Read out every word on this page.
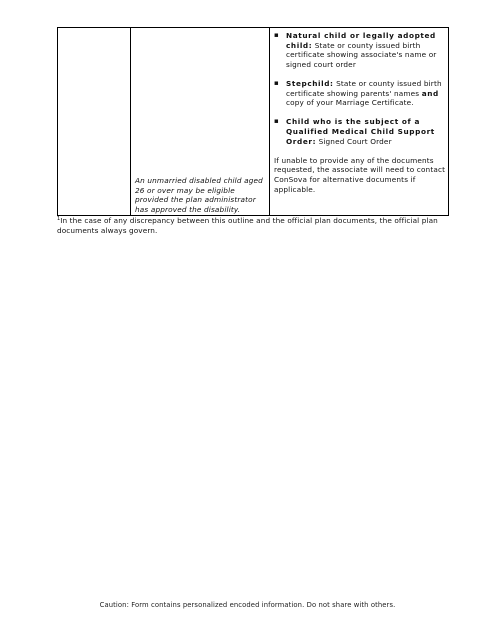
An unmarried disabled child aged 26 or over may be eligible provided the plan administrator has approved the disability.
▪ Natural child or legally adopted child: State or county issued birth certificate showing associate's name or signed court order
▪ Stepchild: State or county issued birth certificate showing parents' names and copy of your Marriage Certificate.
▪ Child who is the subject of a Qualified Medical Child Support Order: Signed Court Order
If unable to provide any of the documents requested, the associate will need to contact ConSova for alternative documents if applicable.
$^1$In the case of any discrepancy between this outline and the official plan documents, the official plan documents always govern.
Caution: Form contains personalized encoded information. Do not share with others.
